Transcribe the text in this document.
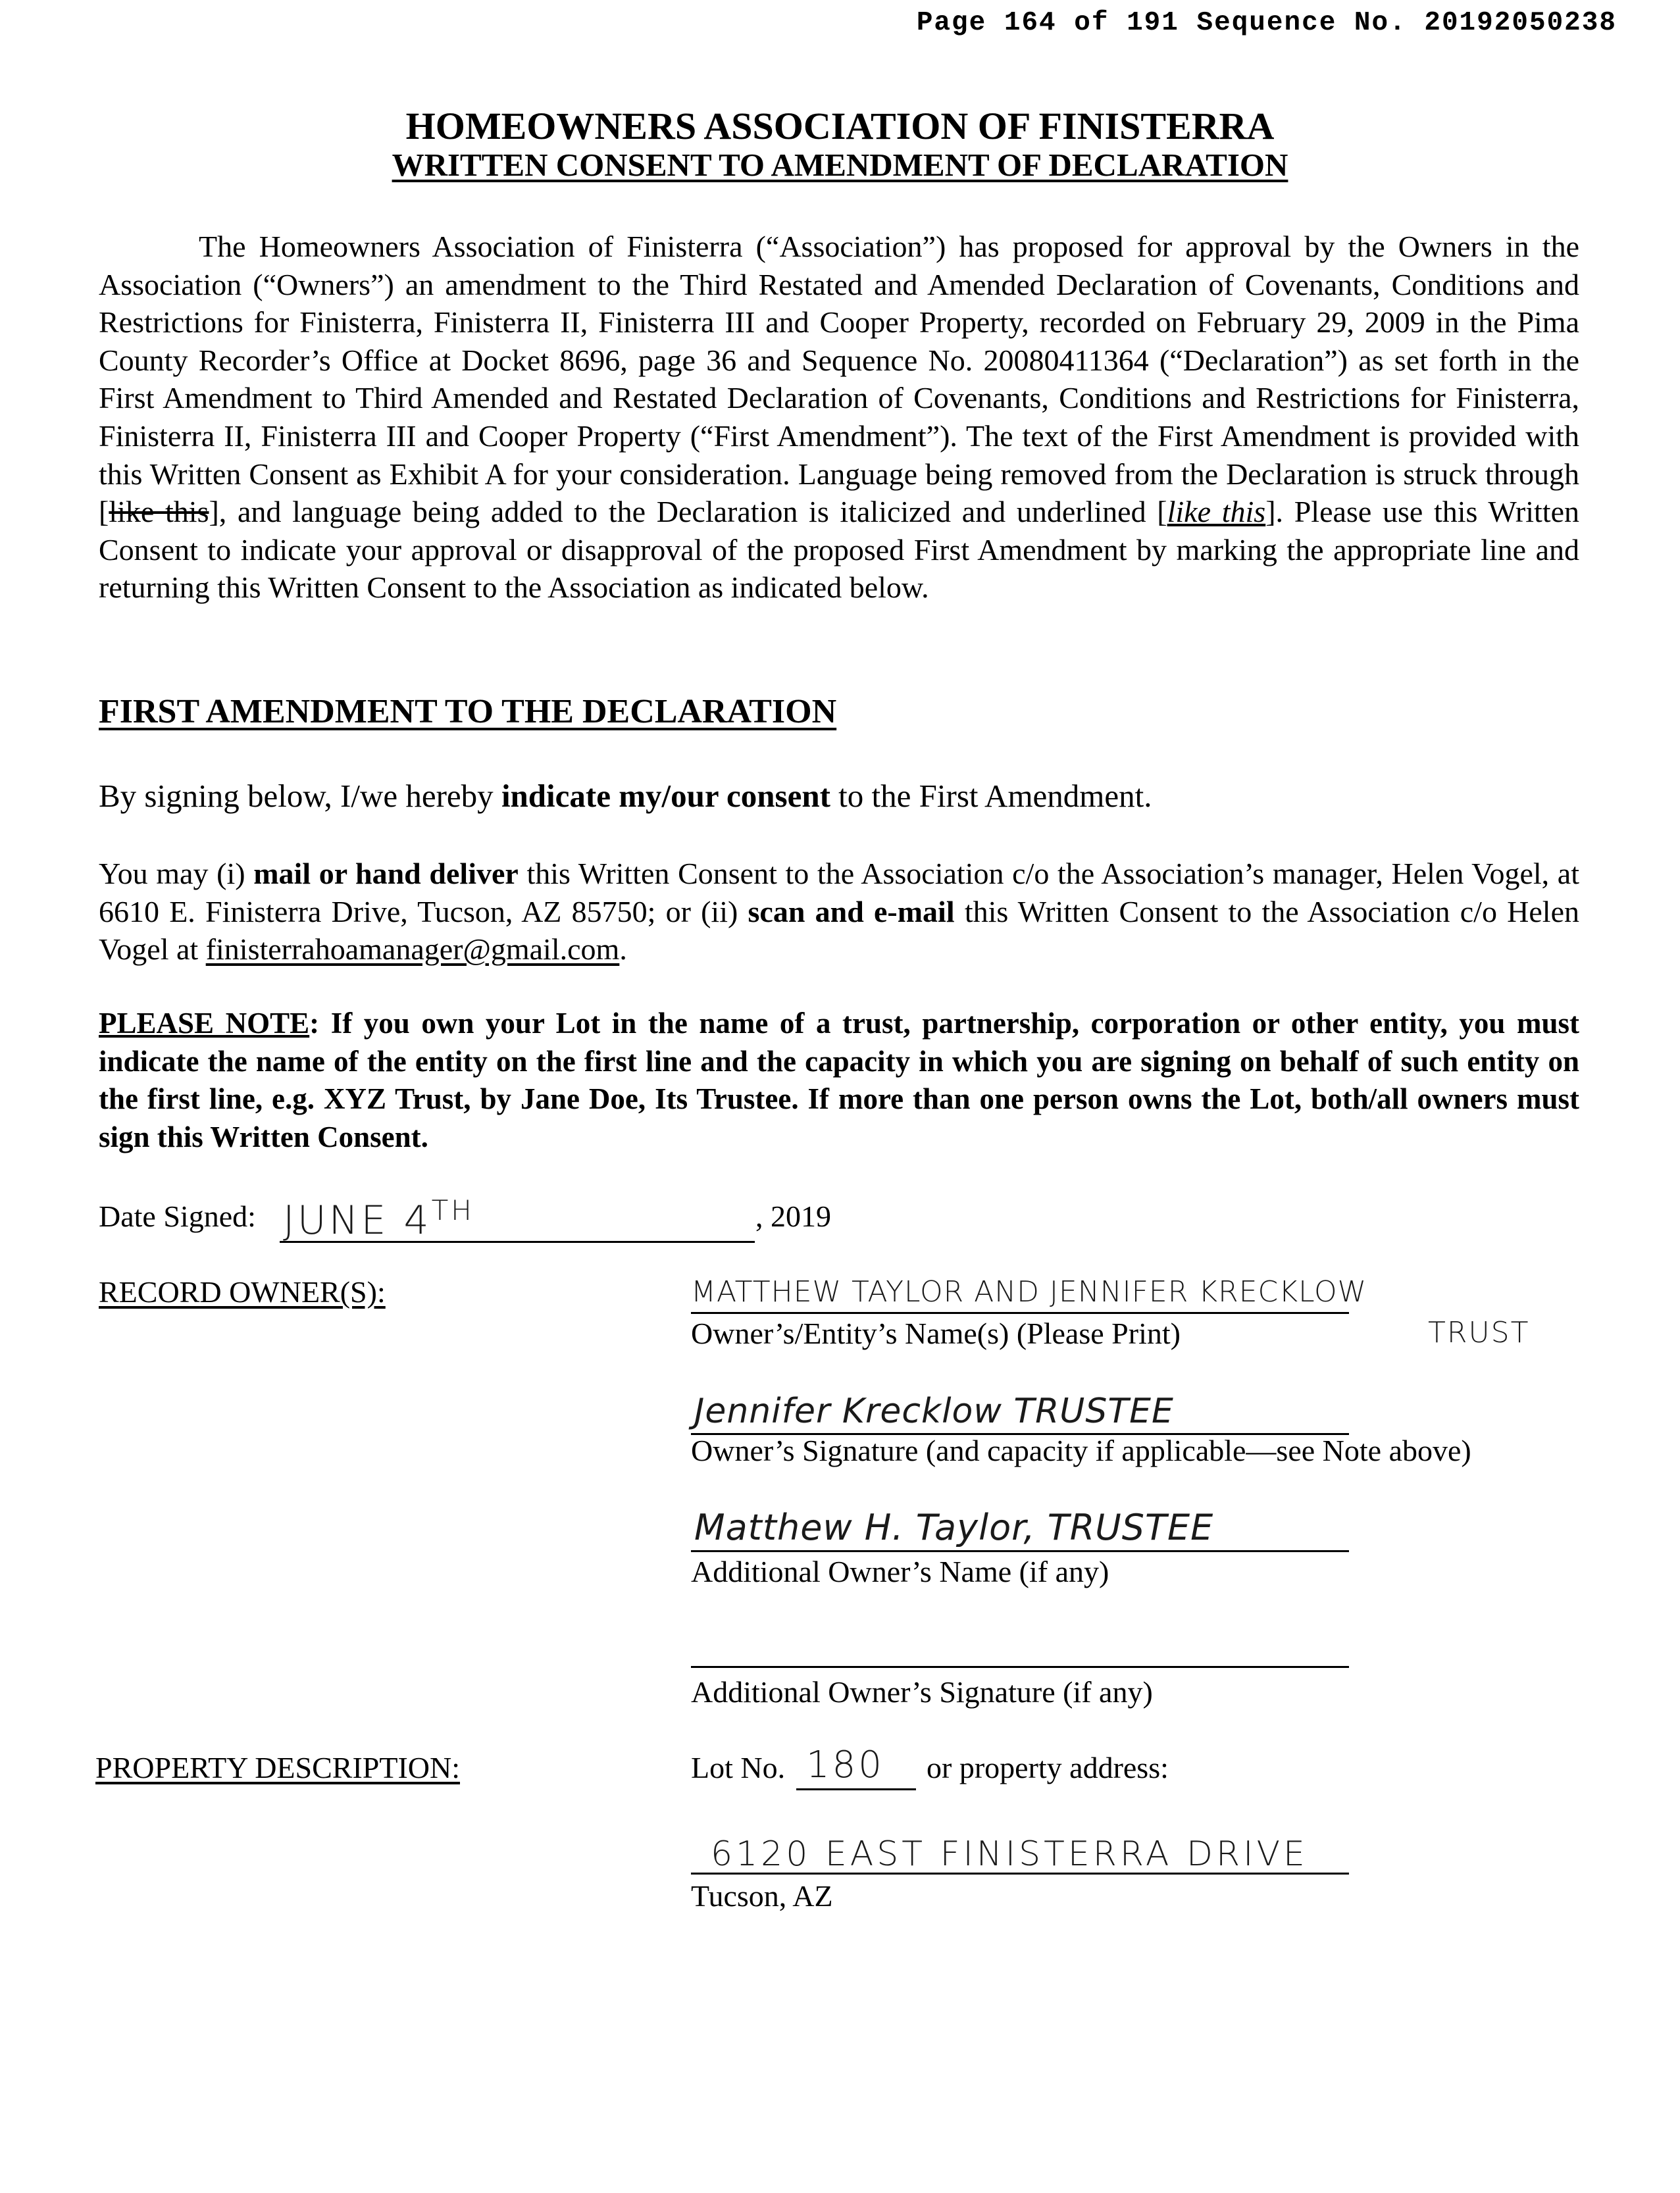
Page 164 of 191 Sequence No. 20192050238
HOMEOWNERS ASSOCIATION OF FINISTERRA
WRITTEN CONSENT TO AMENDMENT OF DECLARATION
The Homeowners Association of Finisterra (“Association”) has proposed for approval by the Owners in the Association (“Owners”) an amendment to the Third Restated and Amended Declaration of Covenants, Conditions and Restrictions for Finisterra, Finisterra II, Finisterra III and Cooper Property, recorded on February 29, 2009 in the Pima County Recorder’s Office at Docket 8696, page 36 and Sequence No. 20080411364 (“Declaration”) as set forth in the First Amendment to Third Amended and Restated Declaration of Covenants, Conditions and Restrictions for Finisterra, Finisterra II, Finisterra III and Cooper Property (“First Amendment”). The text of the First Amendment is provided with this Written Consent as Exhibit A for your consideration. Language being removed from the Declaration is struck through [like this], and language being added to the Declaration is italicized and underlined [like this]. Please use this Written Consent to indicate your approval or disapproval of the proposed First Amendment by marking the appropriate line and returning this Written Consent to the Association as indicated below.
FIRST AMENDMENT TO THE DECLARATION
By signing below, I/we hereby indicate my/our consent to the First Amendment.
You may (i) mail or hand deliver this Written Consent to the Association c/o the Association’s manager, Helen Vogel, at 6610 E. Finisterra Drive, Tucson, AZ 85750; or (ii) scan and e-mail this Written Consent to the Association c/o Helen Vogel at finisterrahoamanager@gmail.com.
PLEASE NOTE: If you own your Lot in the name of a trust, partnership, corporation or other entity, you must indicate the name of the entity on the first line and the capacity in which you are signing on behalf of such entity on the first line, e.g. XYZ Trust, by Jane Doe, Its Trustee. If more than one person owns the Lot, both/all owners must sign this Written Consent.
Date Signed: JUNE 4TH	, 2019
RECORD OWNER(S):	MATTHEW TAYLOR AND JENNIFER KRECKLOW
TRUST
Owner’s/Entity’s Name(s) (Please Print)
Jennifer Krecklow TRUSTEE
Owner’s Signature (and capacity if applicable—see Note above)
Matthew H. Taylor, TRUSTEE
Additional Owner’s Name (if any)
Additional Owner’s Signature (if any)
PROPERTY DESCRIPTION:	Lot No. 180 or property address:
6120 EAST FINISTERRA DRIVE
Tucson, AZ
